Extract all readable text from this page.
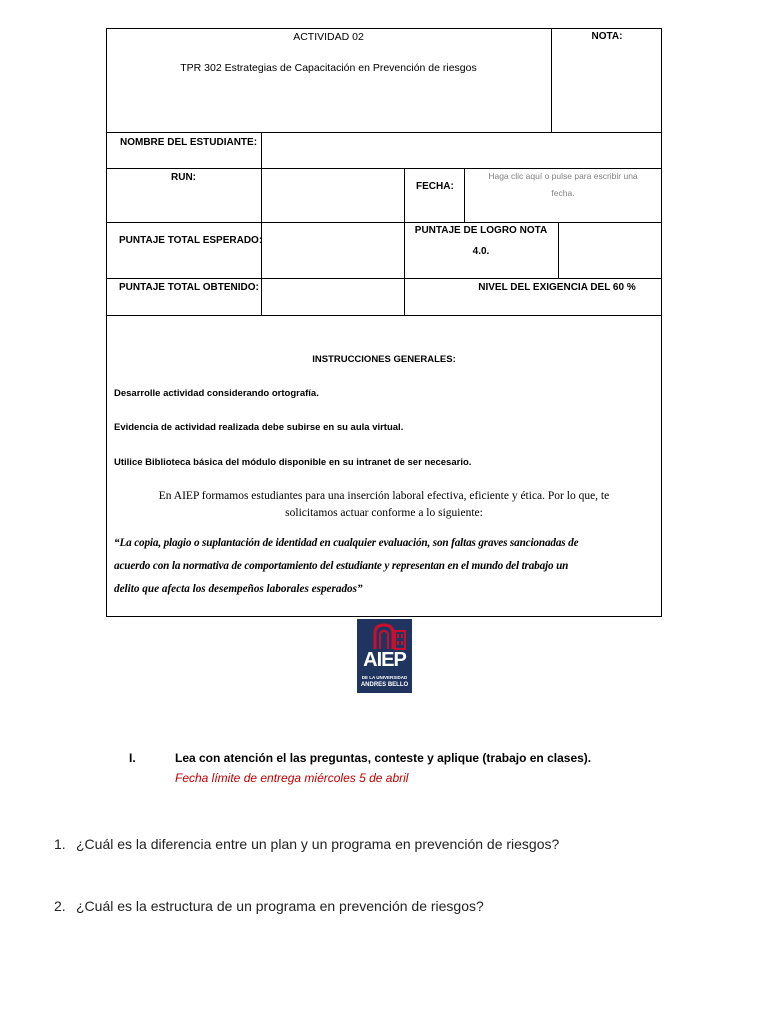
ACTIVIDAD 02
TPR 302 Estrategias de Capacitación en Prevención de riesgos
NOTA:
NOMBRE DEL ESTUDIANTE:
RUN:
FECHA:
Haga clic aquí o pulse para escribir una
fecha.
PUNTAJE TOTAL ESPERADO:
PUNTAJE DE LOGRO NOTA
4.0.
PUNTAJE TOTAL OBTENIDO:	NIVEL DEL EXIGENCIA DEL 60 %
INSTRUCCIONES GENERALES:
Desarrolle actividad considerando ortografía.
Evidencia de actividad realizada debe subirse en su aula virtual.
Utilice Biblioteca básica del módulo disponible en su intranet de ser necesario.
En AIEP formamos estudiantes para una inserción laboral efectiva, eficiente y ética. Por lo que, te
solicitamos actuar conforme a lo siguiente:
“La copia, plagio o suplantación de identidad en cualquier evaluación, son faltas graves sancionadas de
acuerdo con la normativa de comportamiento del estudiante y representan en el mundo del trabajo un
delito que afecta los desempeños laborales esperados”
AIEP
DE LA UNIVERSIDAD
ANDRES BELLO
I.	Lea con atención el las preguntas, conteste y aplique (trabajo en clases).
Fecha límite de entrega miércoles 5 de abril
1. ¿Cuál es la diferencia entre un plan y un programa en prevención de riesgos?
2. ¿Cuál es la estructura de un programa en prevención de riesgos?
